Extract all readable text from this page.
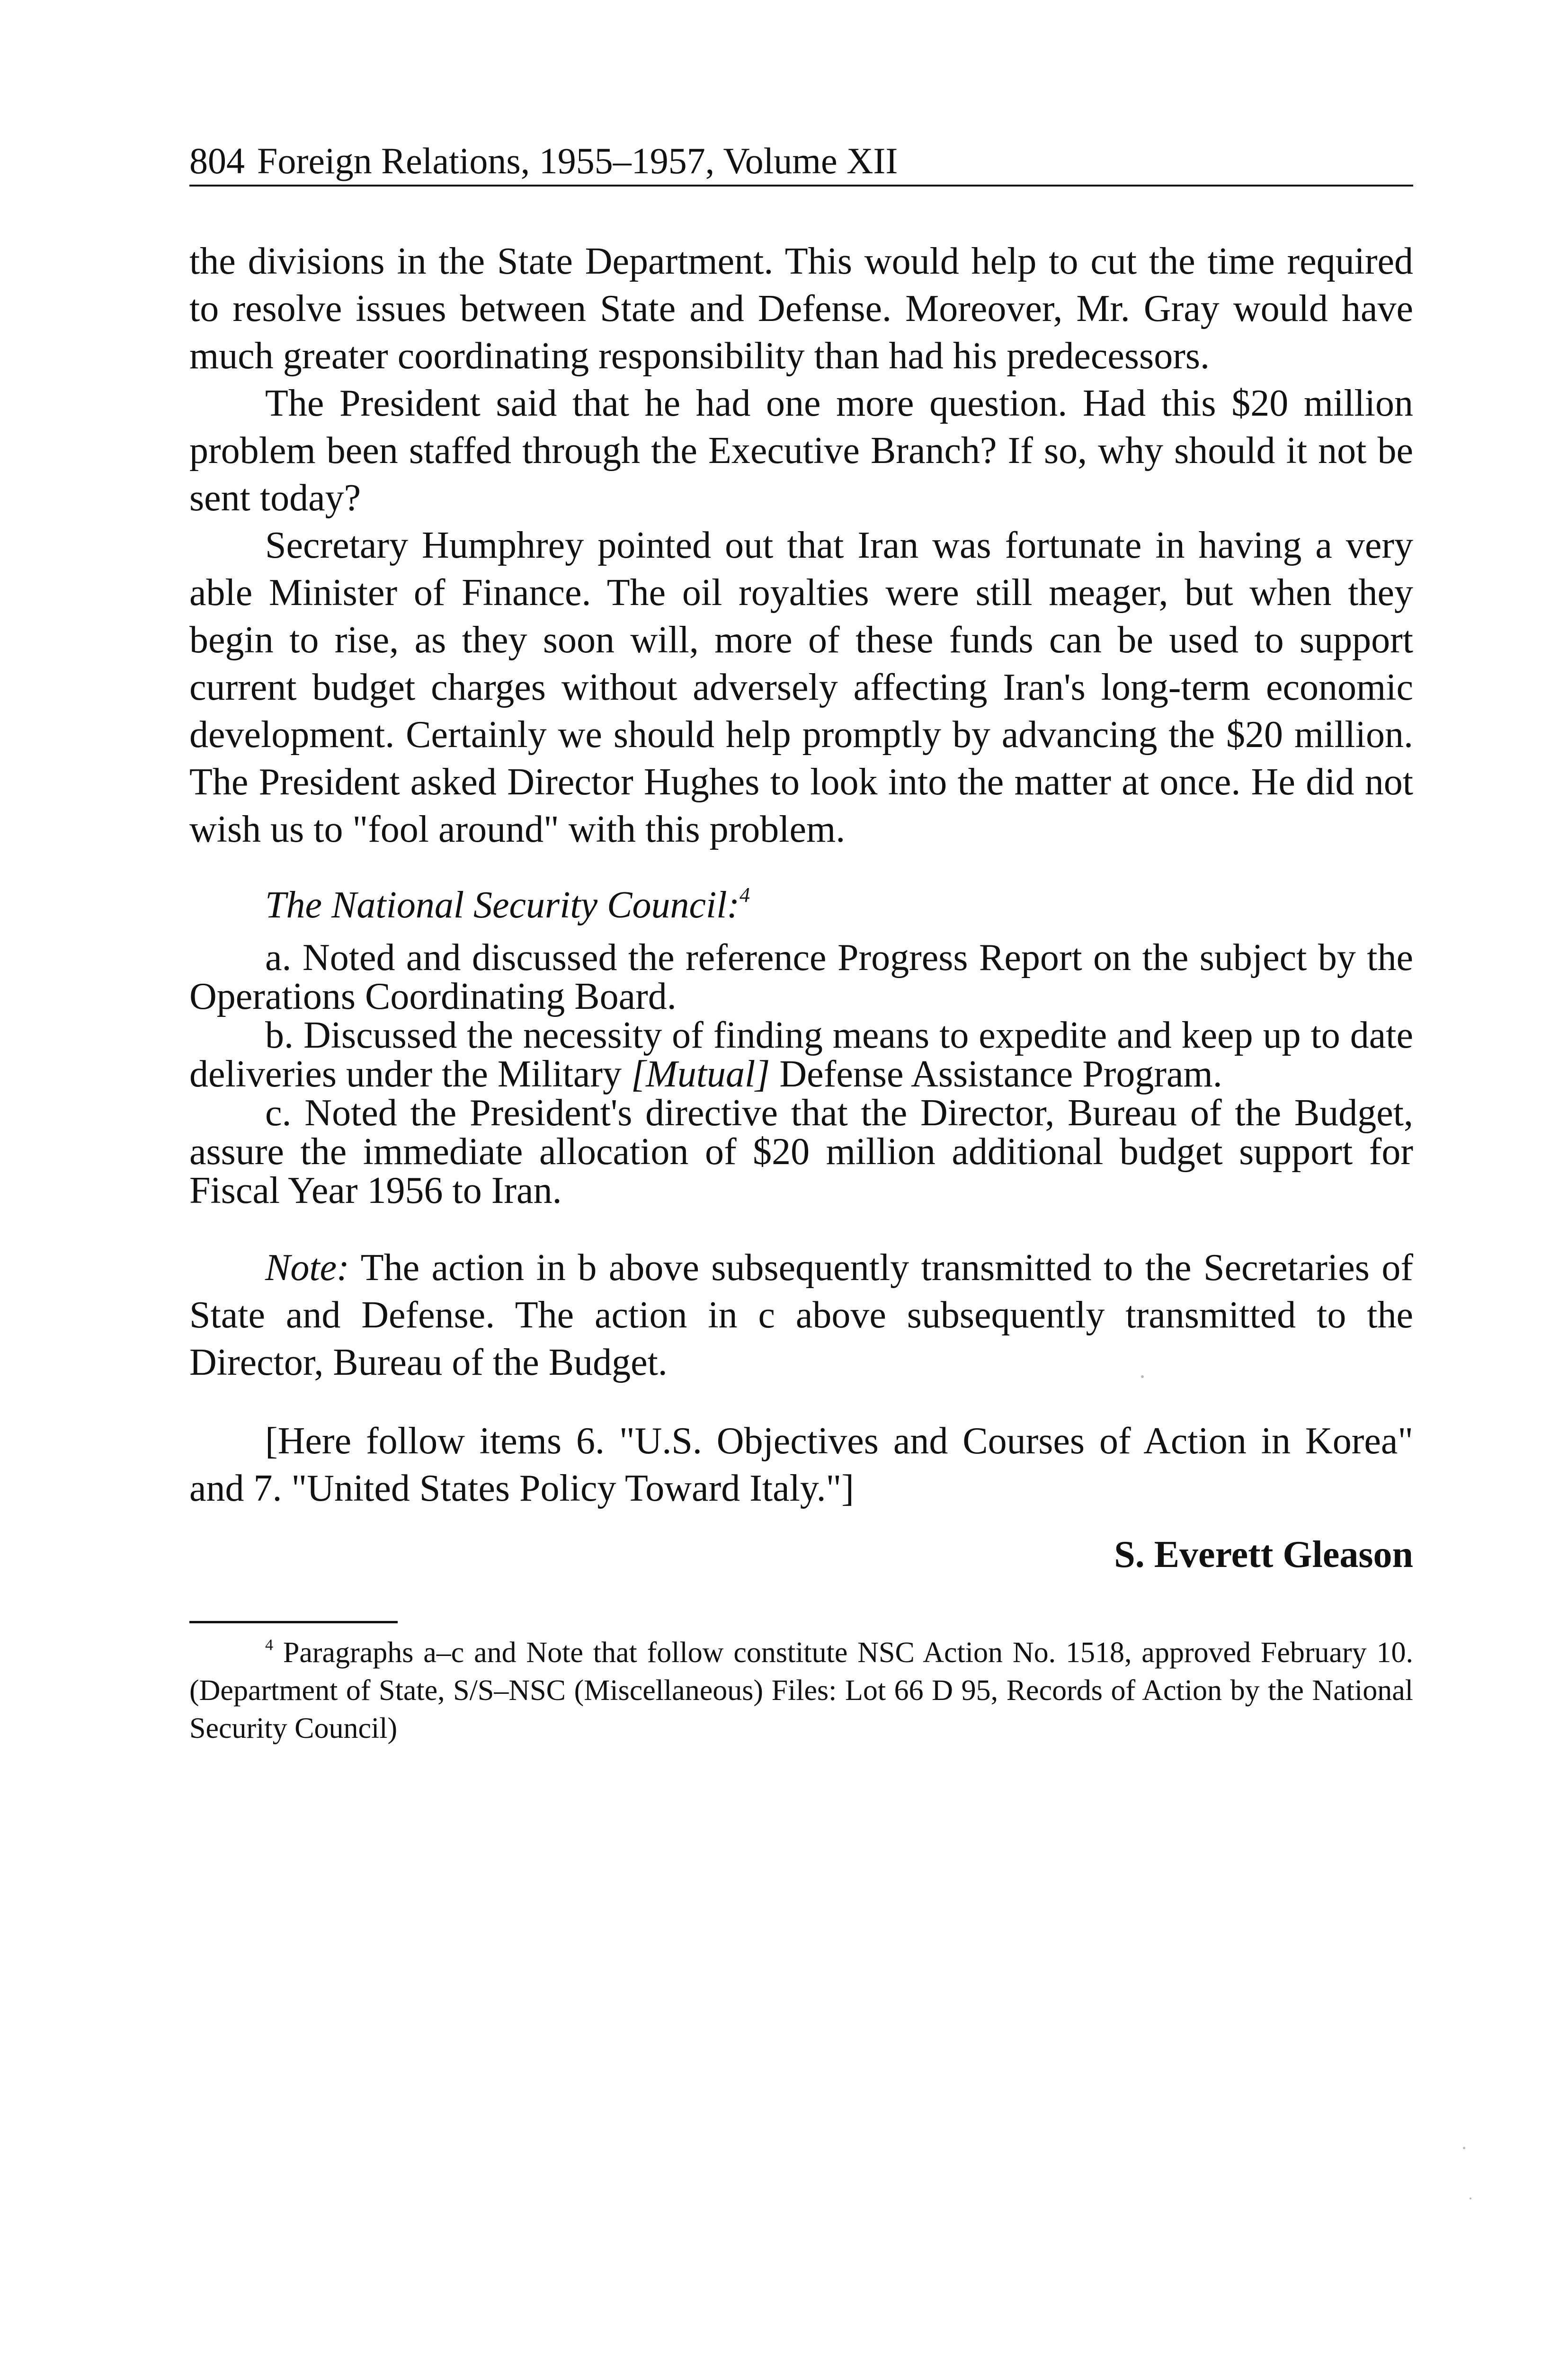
804 Foreign Relations, 1955–1957, Volume XII

the divisions in the State Department. This would help to cut the time required to resolve issues between State and Defense. Moreover, Mr. Gray would have much greater coordinating responsibility than had his predecessors.

The President said that he had one more question. Had this $20 million problem been staffed through the Executive Branch? If so, why should it not be sent today?

Secretary Humphrey pointed out that Iran was fortunate in having a very able Minister of Finance. The oil royalties were still meager, but when they begin to rise, as they soon will, more of these funds can be used to support current budget charges without adversely affecting Iran's long-term economic development. Certainly we should help promptly by advancing the $20 million. The President asked Director Hughes to look into the matter at once. He did not wish us to "fool around" with this problem.

The National Security Council:$^4$

a. Noted and discussed the reference Progress Report on the subject by the Operations Coordinating Board.

b. Discussed the necessity of finding means to expedite and keep up to date deliveries under the Military [Mutual] Defense Assistance Program.

c. Noted the President's directive that the Director, Bureau of the Budget, assure the immediate allocation of $20 million additional budget support for Fiscal Year 1956 to Iran.

Note: The action in b above subsequently transmitted to the Secretaries of State and Defense. The action in c above subsequently transmitted to the Director, Bureau of the Budget.

[Here follow items 6. "U.S. Objectives and Courses of Action in Korea" and 7. "United States Policy Toward Italy."]

S. Everett Gleason

$^4$ Paragraphs a–c and Note that follow constitute NSC Action No. 1518, approved February 10. (Department of State, S/S–NSC (Miscellaneous) Files: Lot 66 D 95, Records of Action by the National Security Council)
